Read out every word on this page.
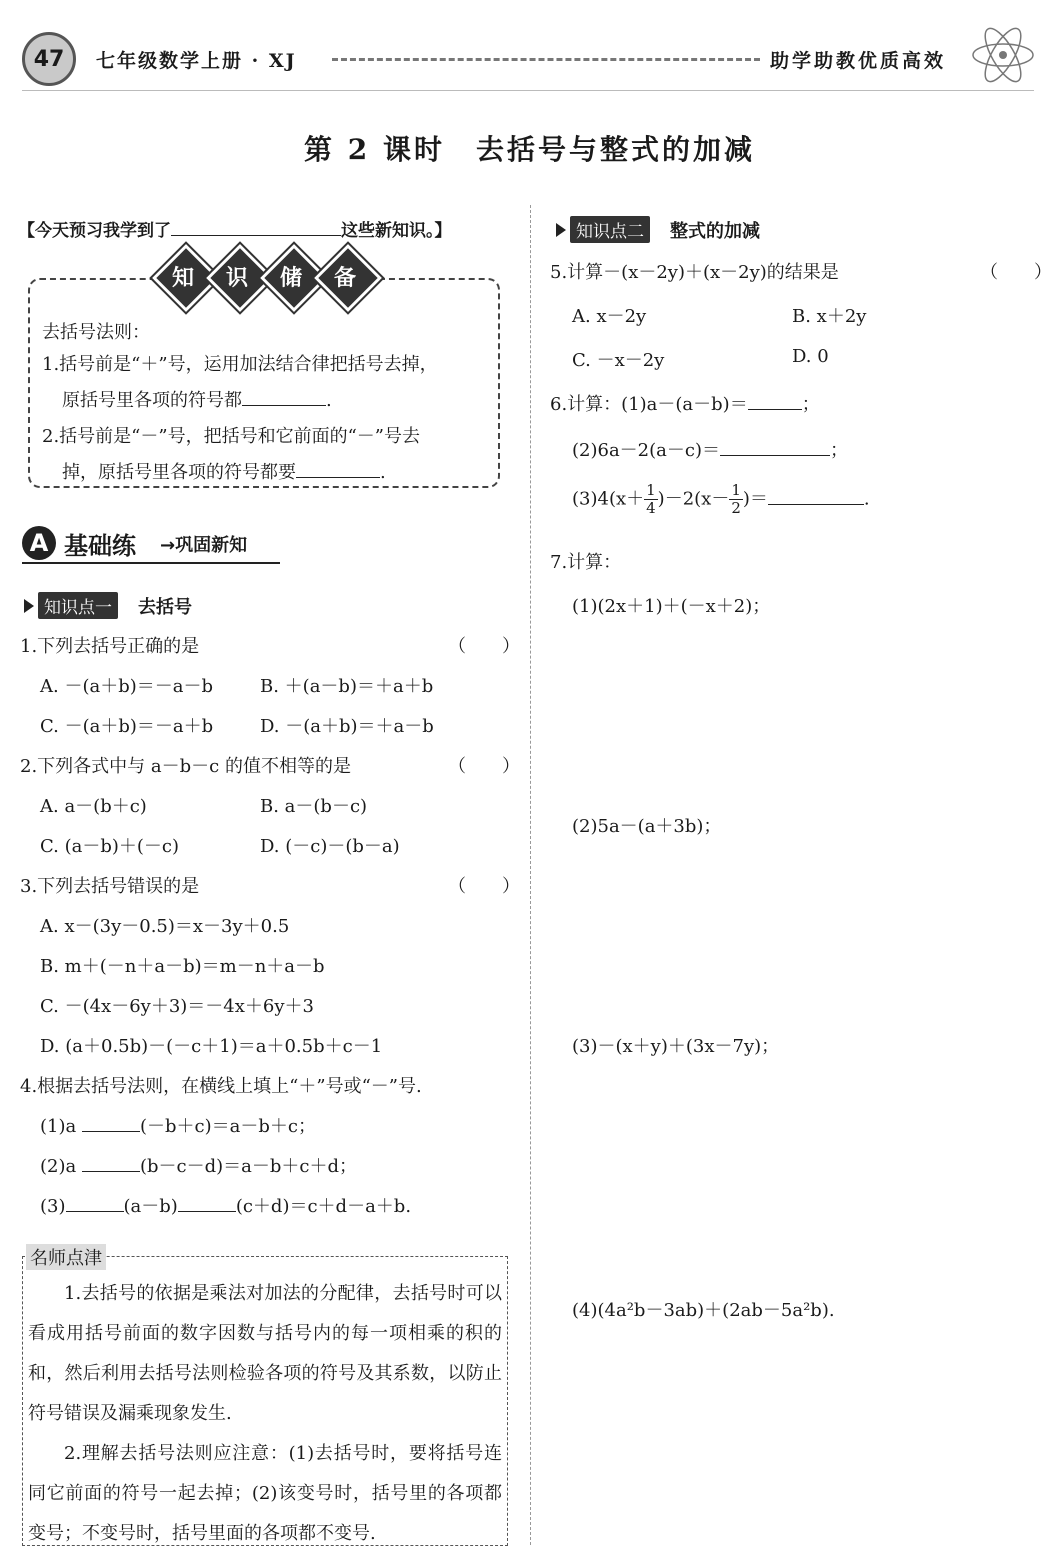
47	七年级数学上册 · XJ	助学助教优质高效
第 2 课时　去括号与整式的加减
【今天预习我学到了	这些新知识。】
知	识	储	备
去括号法则：
1.括号前是“＋”号，运用加法结合律把括号去掉，
原括号里各项的符号都	.
2.括号前是“－”号，把括号和它前面的“－”号去
掉，原括号里各项的符号都要	.
A 基础练 →巩固新知
知识点一	去括号
1.下列去括号正确的是	（　　）
A. －(a＋b)＝－a－b	B. ＋(a－b)＝＋a＋b
C. －(a＋b)＝－a＋b	D. －(a＋b)＝＋a－b
2.下列各式中与 a－b－c 的值不相等的是	（　　）
A. a－(b＋c)	B. a－(b－c)
C. (a－b)＋(－c)	D. (－c)－(b－a)
3.下列去括号错误的是	（　　）
A. x－(3y－0.5)＝x－3y＋0.5
B. m＋(－n＋a－b)＝m－n＋a－b
C. －(4x－6y＋3)＝－4x＋6y＋3
D. (a＋0.5b)－(－c＋1)＝a＋0.5b＋c－1
4.根据去括号法则，在横线上填上“＋”号或“－”号.
(1)a	(－b＋c)＝a－b＋c；
(2)a	(b－c－d)＝a－b＋c＋d；
(3)	(a－b)	(c＋d)＝c＋d－a＋b.
名师点津
1.去括号的依据是乘法对加法的分配律，去括号时可以看成用括号前面的数字因数与括号内的每一项相乘的积的和，然后利用去括号法则检验各项的符号及其系数，以防止符号错误及漏乘现象发生.
2.理解去括号法则应注意：(1)去括号时，要将括号连同它前面的符号一起去掉；(2)该变号时，括号里的各项都变号；不变号时，括号里面的各项都不变号.
知识点二	整式的加减
5.计算－(x－2y)＋(x－2y)的结果是	（　　）
A. x－2y	B. x＋2y
C. －x－2y	D. 0
6.计算：(1)a－(a－b)＝	；
(2)6a－2(a－c)＝	；
$(3)4(x+ \frac{1}{4} )-2(x- \frac{1}{2}$ )＝	.
7.计算：
(1)(2x＋1)＋(－x＋2)；
(2)5a－(a＋3b)；
(3)－(x＋y)＋(3x－7y)；
(4)(4a²b－3ab)＋(2ab－5a²b).
